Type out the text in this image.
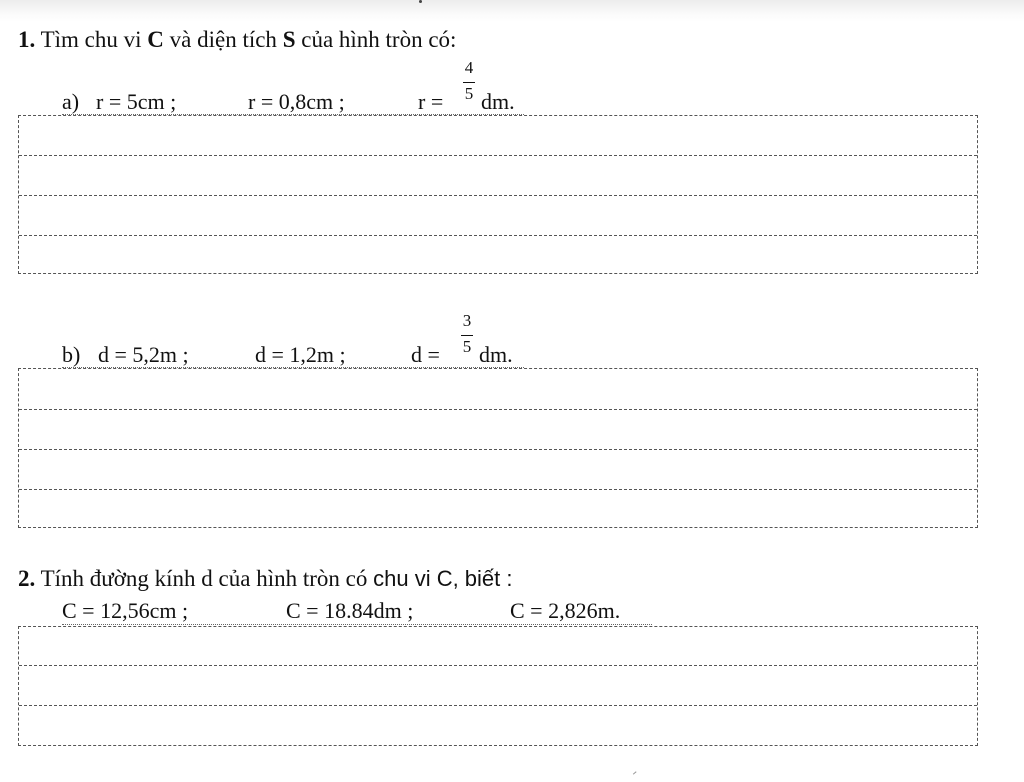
1. Tìm chu vi C và diện tích S của hình tròn có:
a) r = 5cm ;	r = 0,8cm ;	r =
4
5 dm.
b) d = 5,2m ;	d = 1,2m ;	d =
3
5 dm.
2. Tính đường kính d của hình tròn có chu vi C, biết :
C = 12,56cm ;	C = 18.84dm ;	C = 2,826m.
